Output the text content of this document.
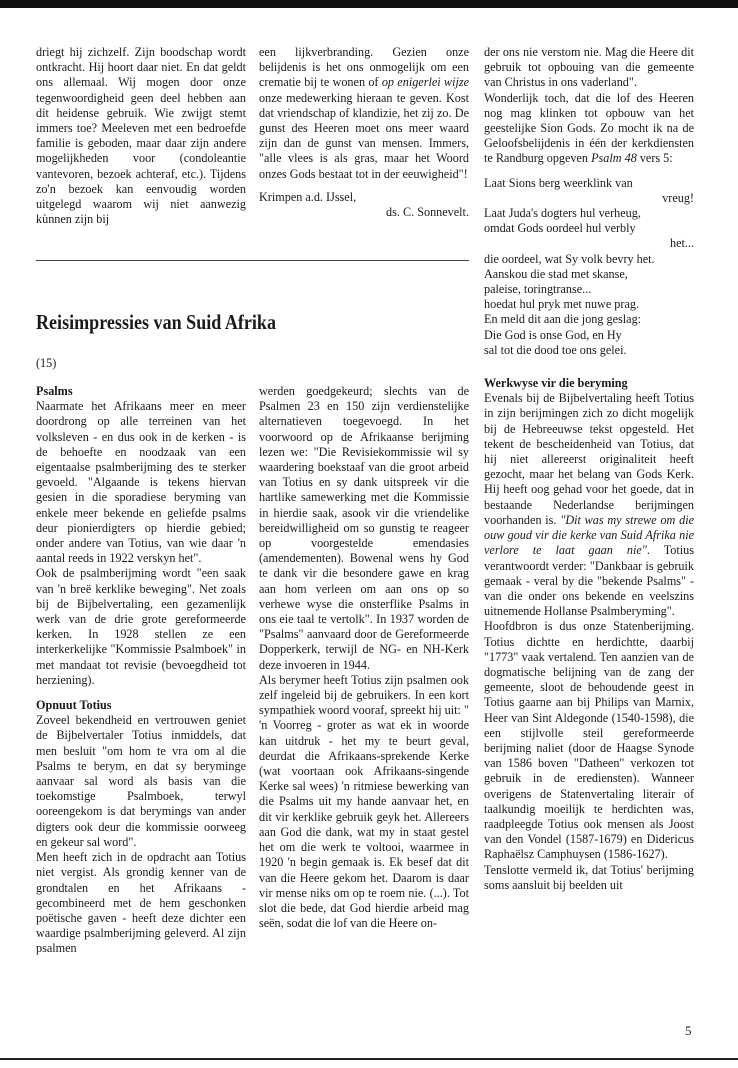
driegt hij zichzelf. Zijn boodschap wordt ontkracht. Hij hoort daar niet. En dat geldt ons allemaal. Wij mogen door onze tegenwoordigheid geen deel hebben aan dit heidense gebruik. Wie zwijgt stemt immers toe? Meeleven met een bedroefde familie is geboden, maar daar zijn andere mogelijkheden voor (condoleantie vantevoren, bezoek achteraf, etc.). Tijdens zo'n bezoek kan eenvoudig worden uitgelegd waarom wij niet aanwezig kùnnen zijn bij

een lijkverbranding. Gezien onze belijdenis is het ons onmogelijk om een crematie bij te wonen of op enigerlei wijze onze medewerking hieraan te geven. Kost dat vriendschap of klandizie, het zij zo. De gunst des Heeren moet ons meer waard zijn dan de gunst van mensen. Immers, "alle vlees is als gras, maar het Woord onzes Gods bestaat tot in der eeuwigheid"!

Krimpen a.d. IJssel,

ds. C. Sonnevelt.

Reisimpressies van Suid Afrika
(15)

Psalms

Naarmate het Afrikaans meer en meer doordrong op alle terreinen van het volksleven - en dus ook in de kerken - is de behoefte en noodzaak van een eigentaalse psalmberijming des te sterker gevoeld. "Algaande is tekens hiervan gesien in die sporadiese beryming van enkele meer bekende en geliefde psalms deur pionierdigters op hierdie gebied; onder andere van Totius, van wie daar 'n aantal reeds in 1922 verskyn het".

Ook de psalmberijming wordt "een saak van 'n breë kerklike beweging". Net zoals bij de Bijbelvertaling, een gezamenlijk werk van de drie grote gereformeerde kerken. In 1928 stellen ze een interkerkelijke "Kommissie Psalmboek" in met mandaat tot revisie (bevoegdheid tot herziening).

Opnuut Totius

Zoveel bekendheid en vertrouwen geniet de Bijbelvertaler Totius inmiddels, dat men besluit "om hom te vra om al die Psalms te berym, en dat sy beryminge aanvaar sal word als basis van die toekomstige Psalmboek, terwyl ooreengekom is dat berymings van ander digters ook deur die kommissie oorweeg en gekeur sal word".

Men heeft zich in de opdracht aan Totius niet vergist. Als grondig kenner van de grondtalen en het Afrikaans - gecombineerd met de hem geschonken poëtische gaven - heeft deze dichter een waardige psalmberijming geleverd. Al zijn psalmen

werden goedgekeurd; slechts van de Psalmen 23 en 150 zijn verdienstelijke alternatieven toegevoegd. In het voorwoord op de Afrikaanse berijming lezen we: "Die Revisiekommissie wil sy waardering boekstaaf van die groot arbeid van Totius en sy dank uitspreek vir die hartlike samewerking met die Kommissie in hierdie saak, asook vir die vriendelike bereidwilligheid om so gunstig te reageer op voorgestelde emendasies (amendementen). Bowenal wens hy God te dank vir die besondere gawe en krag aan hom verleen om aan ons op so verhewe wyse die onsterflike Psalms in ons eie taal te vertolk". In 1937 worden de "Psalms" aanvaard door de Gereformeerde Dopperkerk, terwijl de NG- en NH-Kerk deze invoeren in 1944.

Als berymer heeft Totius zijn psalmen ook zelf ingeleid bij de gebruikers. In een kort sympathiek woord vooraf, spreekt hij uit: " 'n Voorreg - groter as wat ek in woorde kan uitdruk - het my te beurt geval, deurdat die Afrikaans-sprekende Kerke (wat voortaan ook Afrikaans-singende Kerke sal wees) 'n ritmiese bewerking van die Psalms uit my hande aanvaar het, en dit vir kerklike gebruik geyk het. Allereers aan God die dank, wat my in staat gestel het om die werk te voltooi, waarmee in 1920 'n begin gemaak is. Ek besef dat dit van die Heere gekom het. Daarom is daar vir mense niks om op te roem nie. (...). Tot slot die bede, dat God hierdie arbeid mag seën, sodat die lof van die Heere on-

der ons nie verstom nie. Mag die Heere dit gebruik tot opbouing van die gemeente van Christus in ons vaderland".

Wonderlijk toch, dat die lof des Heeren nog mag klinken tot opbouw van het geestelijke Sion Gods. Zo mocht ik na de Geloofsbelijdenis in één der kerkdiensten te Randburg opgeven Psalm 48 vers 5:

Laat Sions berg weerklink van
vreug!
Laat Juda's dogters hul verheug,
omdat Gods oordeel hul verbly
het...
die oordeel, wat Sy volk bevry het.
Aanskou die stad met skanse,
paleise, toringtranse...
hoedat hul pryk met nuwe prag.
En meld dit aan die jong geslag:
Die God is onse God, en Hy
sal tot die dood toe ons gelei.

Werkwyse vir die beryming

Evenals bij de Bijbelvertaling heeft Totius in zijn berijmingen zich zo dicht mogelijk bij de Hebreeuwse tekst opgesteld. Het tekent de bescheidenheid van Totius, dat hij niet allereerst originaliteit heeft gezocht, maar het belang van Gods Kerk. Hij heeft oog gehad voor het goede, dat in bestaande Nederlandse berijmingen voorhanden is. "Dit was my strewe om die ouw goud vir die kerke van Suid Afrika nie verlore te laat gaan nie". Totius verantwoordt verder: "Dankbaar is gebruik gemaak - veral by die "bekende Psalms" - van die onder ons bekende en veelszins uitnemende Hollanse Psalmberyming".

Hoofdbron is dus onze Statenberijming. Totius dichtte en herdichtte, daarbij "1773" vaak vertalend. Ten aanzien van de dogmatische belijning van de zang der gemeente, sloot de behoudende geest in Totius gaarne aan bij Philips van Marnix, Heer van Sint Aldegonde (1540-1598), die een stijlvolle steil gereformeerde berijming naliet (door de Haagse Synode van 1586 boven "Datheen" verkozen tot gebruik in de erediensten). Wanneer overigens de Statenvertaling literair of taalkundig moeilijk te herdichten was, raadpleegde Totius ook mensen als Joost van den Vondel (1587-1679) en Didericus Raphaëlsz Camphuysen (1586-1627).

Tenslotte vermeld ik, dat Totius' berijming soms aansluit bij beelden uit

5
